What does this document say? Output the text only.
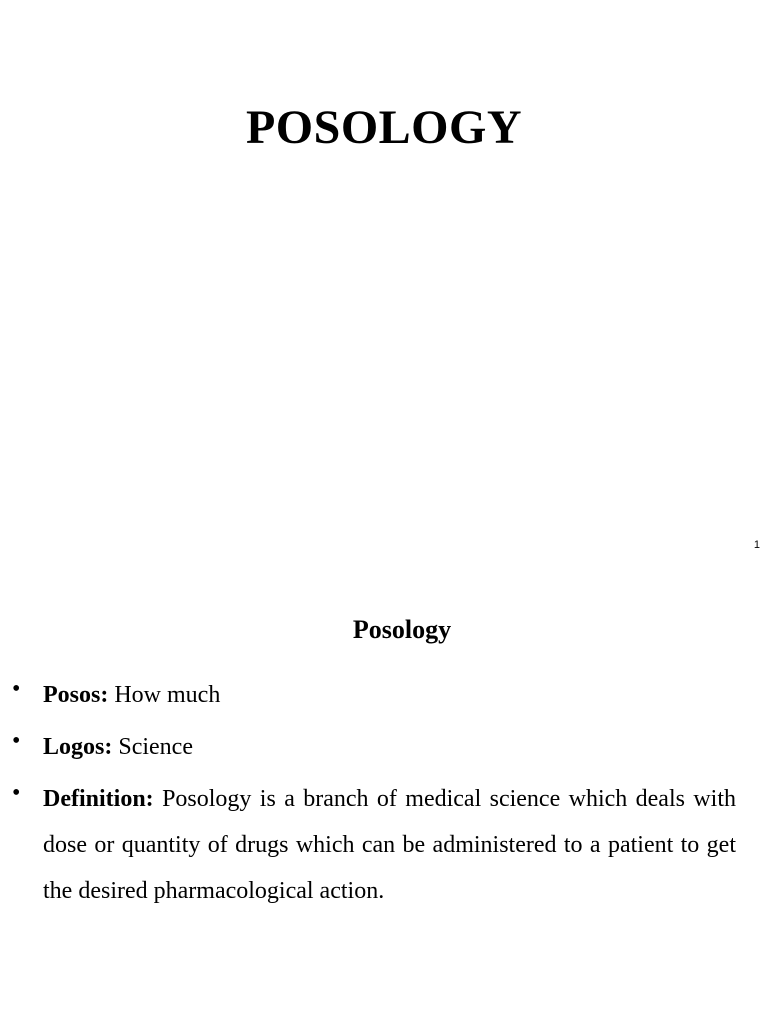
POSOLOGY
1
Posology
• Posos: How much
• Logos: Science
• Definition: Posology is a branch of medical science which deals with dose or quantity of drugs which can be administered to a patient to get the desired pharmacological action.
